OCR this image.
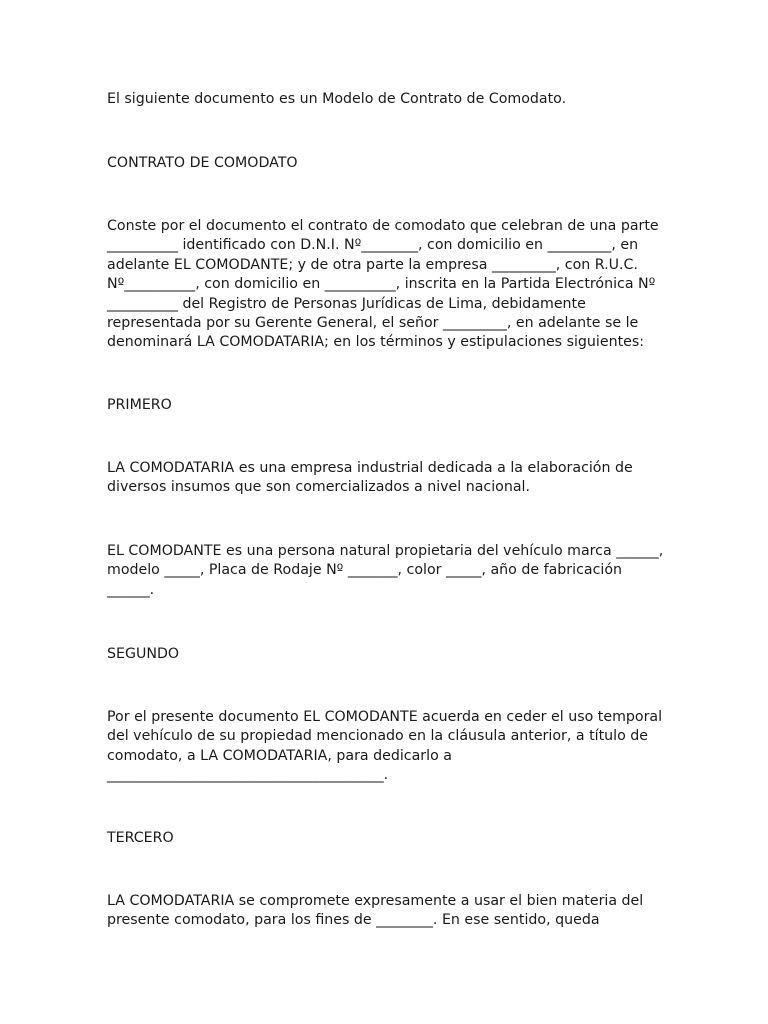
El siguiente documento es un Modelo de Contrato de Comodato.

CONTRATO DE COMODATO

Conste por el documento el contrato de comodato que celebran de una parte
__________ identificado con D.N.I. Nº________, con domicilio en _________, en
adelante EL COMODANTE; y de otra parte la empresa _________, con R.U.C.
Nº__________, con domicilio en __________, inscrita en la Partida Electrónica Nº
__________ del Registro de Personas Jurídicas de Lima, debidamente
representada por su Gerente General, el señor _________, en adelante se le
denominará LA COMODATARIA; en los términos y estipulaciones siguientes:

PRIMERO

LA COMODATARIA es una empresa industrial dedicada a la elaboración de
diversos insumos que son comercializados a nivel nacional.

EL COMODANTE es una persona natural propietaria del vehículo marca ______,
modelo _____, Placa de Rodaje Nº _______, color _____, año de fabricación
______.

SEGUNDO

Por el presente documento EL COMODANTE acuerda en ceder el uso temporal
del vehículo de su propiedad mencionado en la cláusula anterior, a título de
comodato, a LA COMODATARIA, para dedicarlo a
_______________________________________.

TERCERO

LA COMODATARIA se compromete expresamente a usar el bien materia del
presente comodato, para los fines de ________. En ese sentido, queda
